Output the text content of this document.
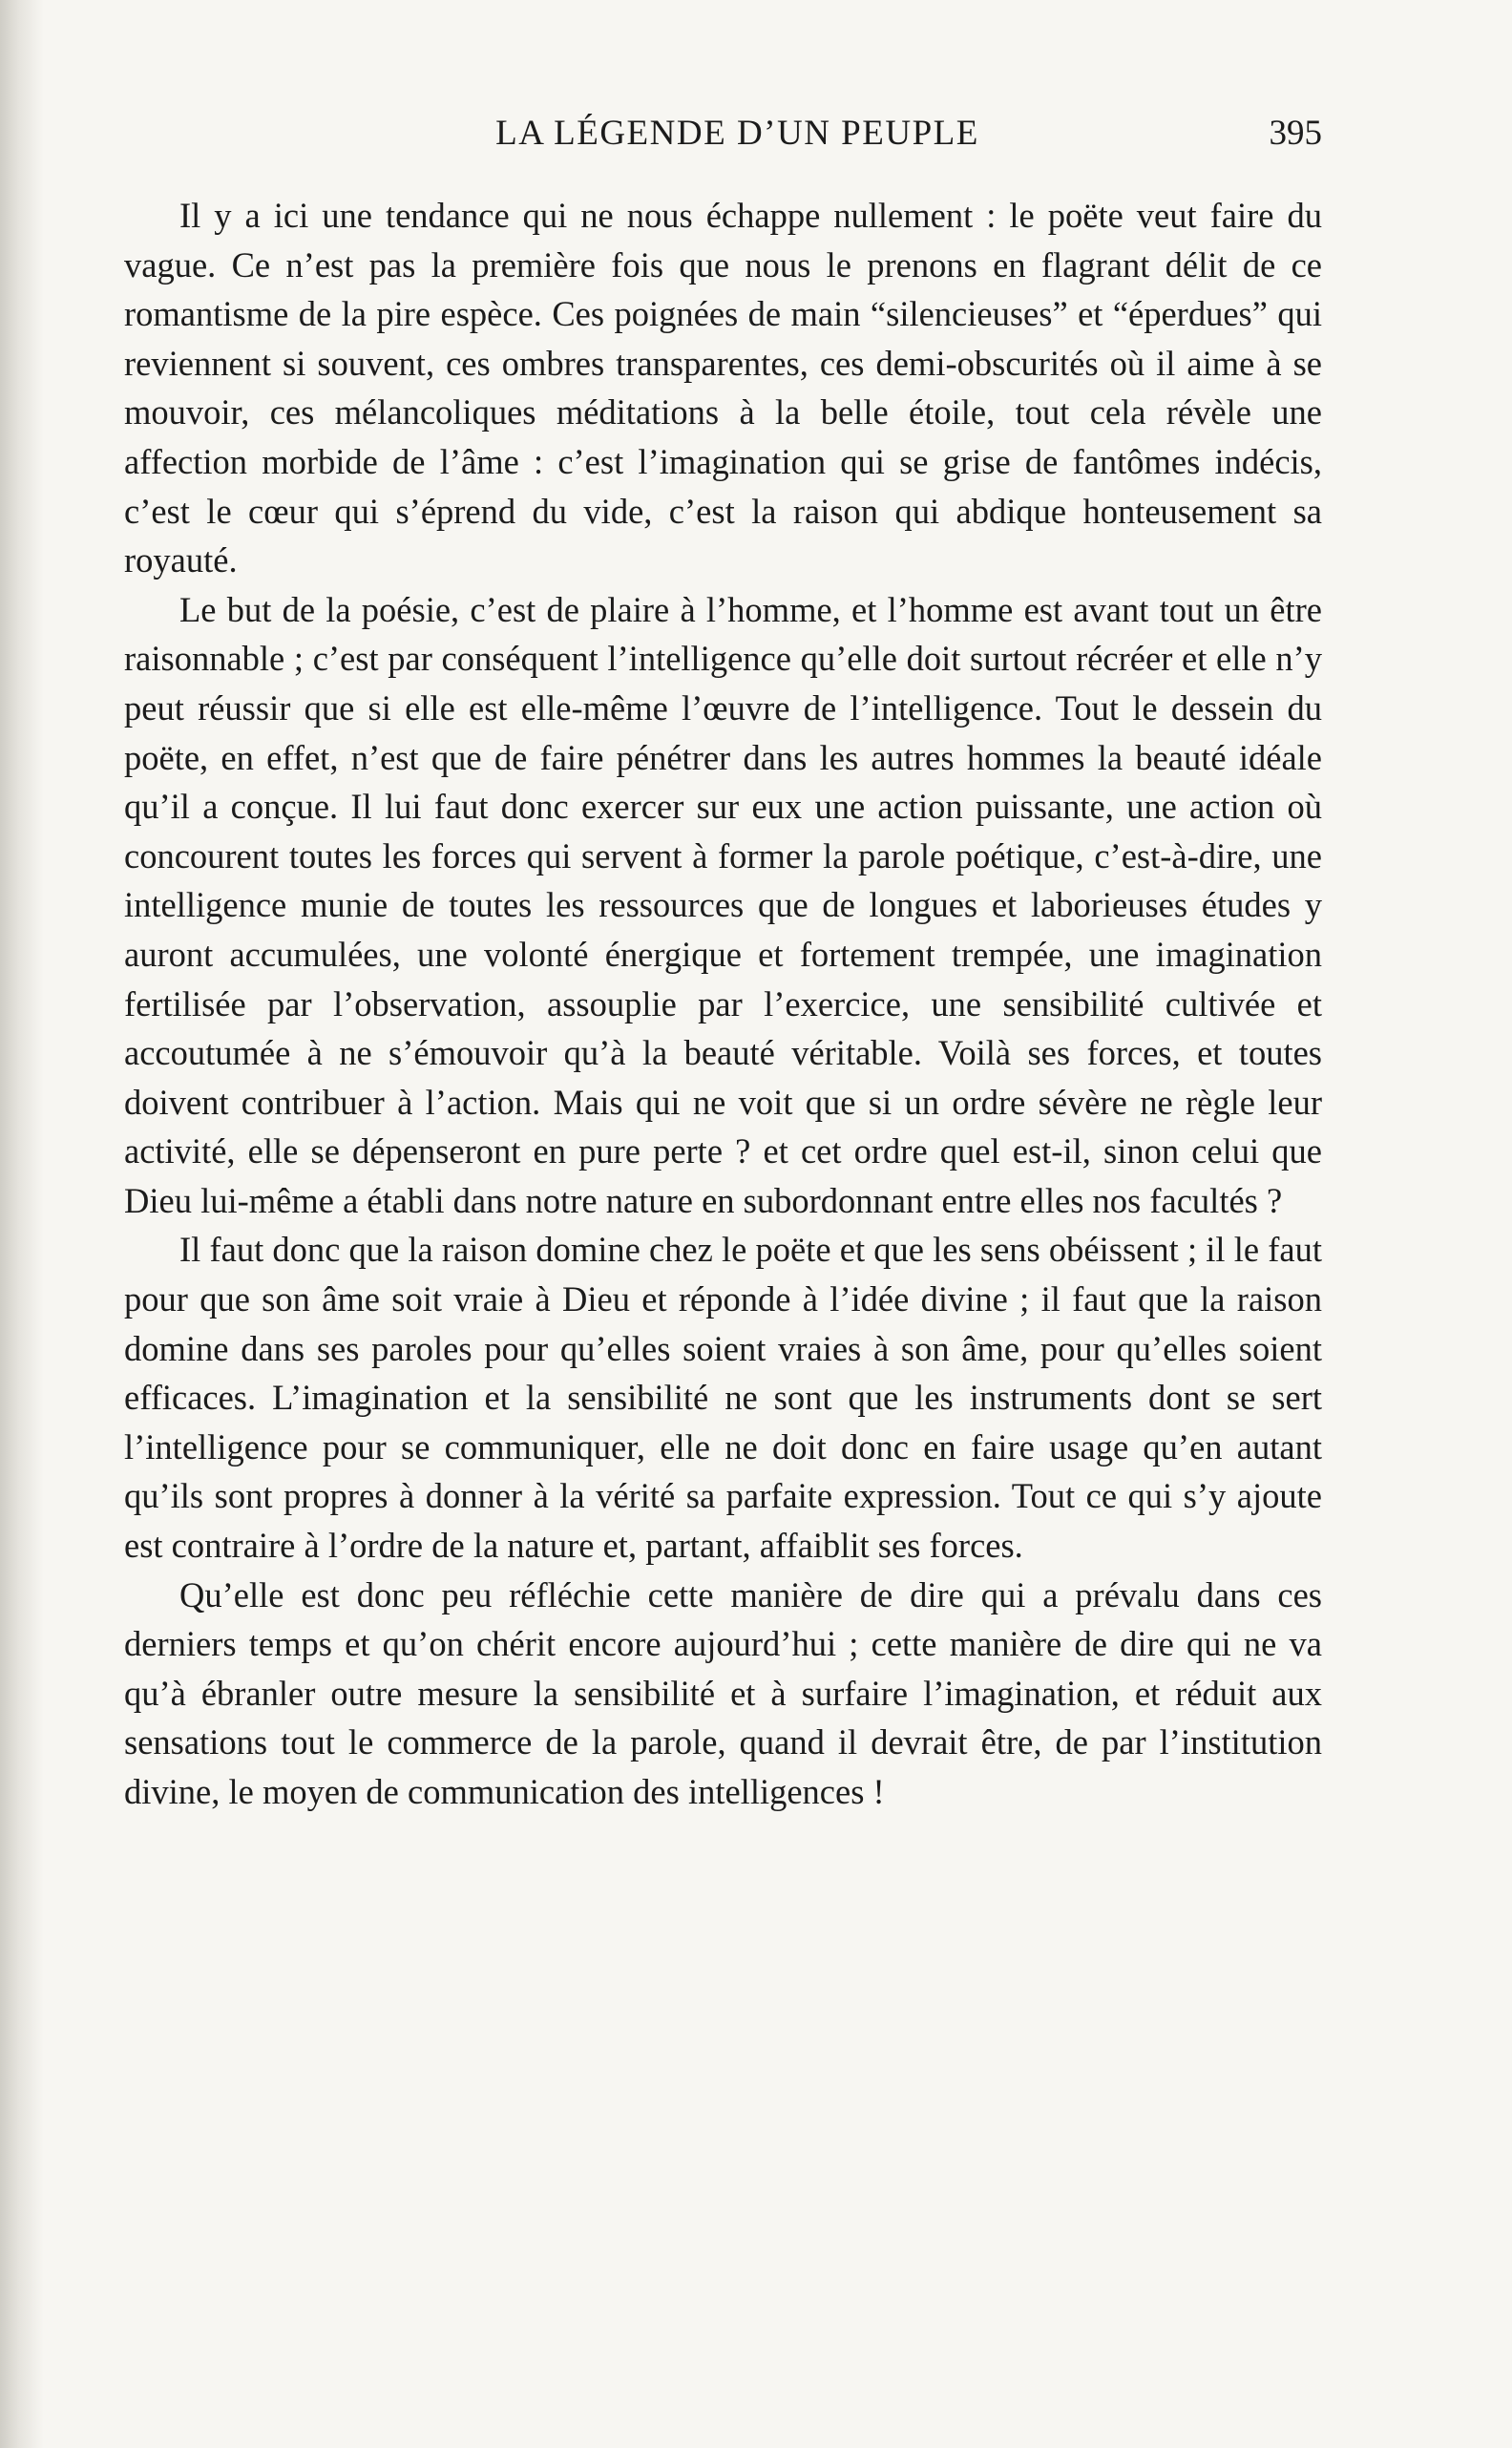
LA LÉGENDE D’UN PEUPLE	395

Il y a ici une tendance qui ne nous échappe nullement : le poëte veut faire du vague. Ce n’est pas la première fois que nous le prenons en flagrant délit de ce romantisme de la pire espèce. Ces poignées de main “silencieuses” et “éperdues” qui reviennent si souvent, ces ombres transparentes, ces demi-obscurités où il aime à se mouvoir, ces mélancoliques méditations à la belle étoile, tout cela révèle une affection morbide de l’âme : c’est l’imagination qui se grise de fantômes indécis, c’est le cœur qui s’éprend du vide, c’est la raison qui abdique honteusement sa royauté.

Le but de la poésie, c’est de plaire à l’homme, et l’homme est avant tout un être raisonnable ; c’est par conséquent l’intelligence qu’elle doit surtout récréer et elle n’y peut réussir que si elle est elle-même l’œuvre de l’intelligence. Tout le dessein du poëte, en effet, n’est que de faire pénétrer dans les autres hommes la beauté idéale qu’il a conçue. Il lui faut donc exercer sur eux une action puissante, une action où concourent toutes les forces qui servent à former la parole poétique, c’est-à-dire, une intelligence munie de toutes les ressources que de longues et laborieuses études y auront accumulées, une volonté énergique et fortement trempée, une imagination fertilisée par l’observation, assouplie par l’exercice, une sensibilité cultivée et accoutumée à ne s’émouvoir qu’à la beauté véritable. Voilà ses forces, et toutes doivent contribuer à l’action. Mais qui ne voit que si un ordre sévère ne règle leur activité, elle se dépenseront en pure perte ? et cet ordre quel est-il, sinon celui que Dieu lui-même a établi dans notre nature en subordonnant entre elles nos facultés ?

Il faut donc que la raison domine chez le poëte et que les sens obéissent ; il le faut pour que son âme soit vraie à Dieu et réponde à l’idée divine ; il faut que la raison domine dans ses paroles pour qu’elles soient vraies à son âme, pour qu’elles soient efficaces. L’imagination et la sensibilité ne sont que les instruments dont se sert l’intelligence pour se communiquer, elle ne doit donc en faire usage qu’en autant qu’ils sont propres à donner à la vérité sa parfaite expression. Tout ce qui s’y ajoute est contraire à l’ordre de la nature et, partant, affaiblit ses forces.

Qu’elle est donc peu réfléchie cette manière de dire qui a prévalu dans ces derniers temps et qu’on chérit encore aujourd’hui ; cette manière de dire qui ne va qu’à ébranler outre mesure la sensibilité et à surfaire l’imagination, et réduit aux sensations tout le commerce de la parole, quand il devrait être, de par l’institution divine, le moyen de communication des intelligences !
